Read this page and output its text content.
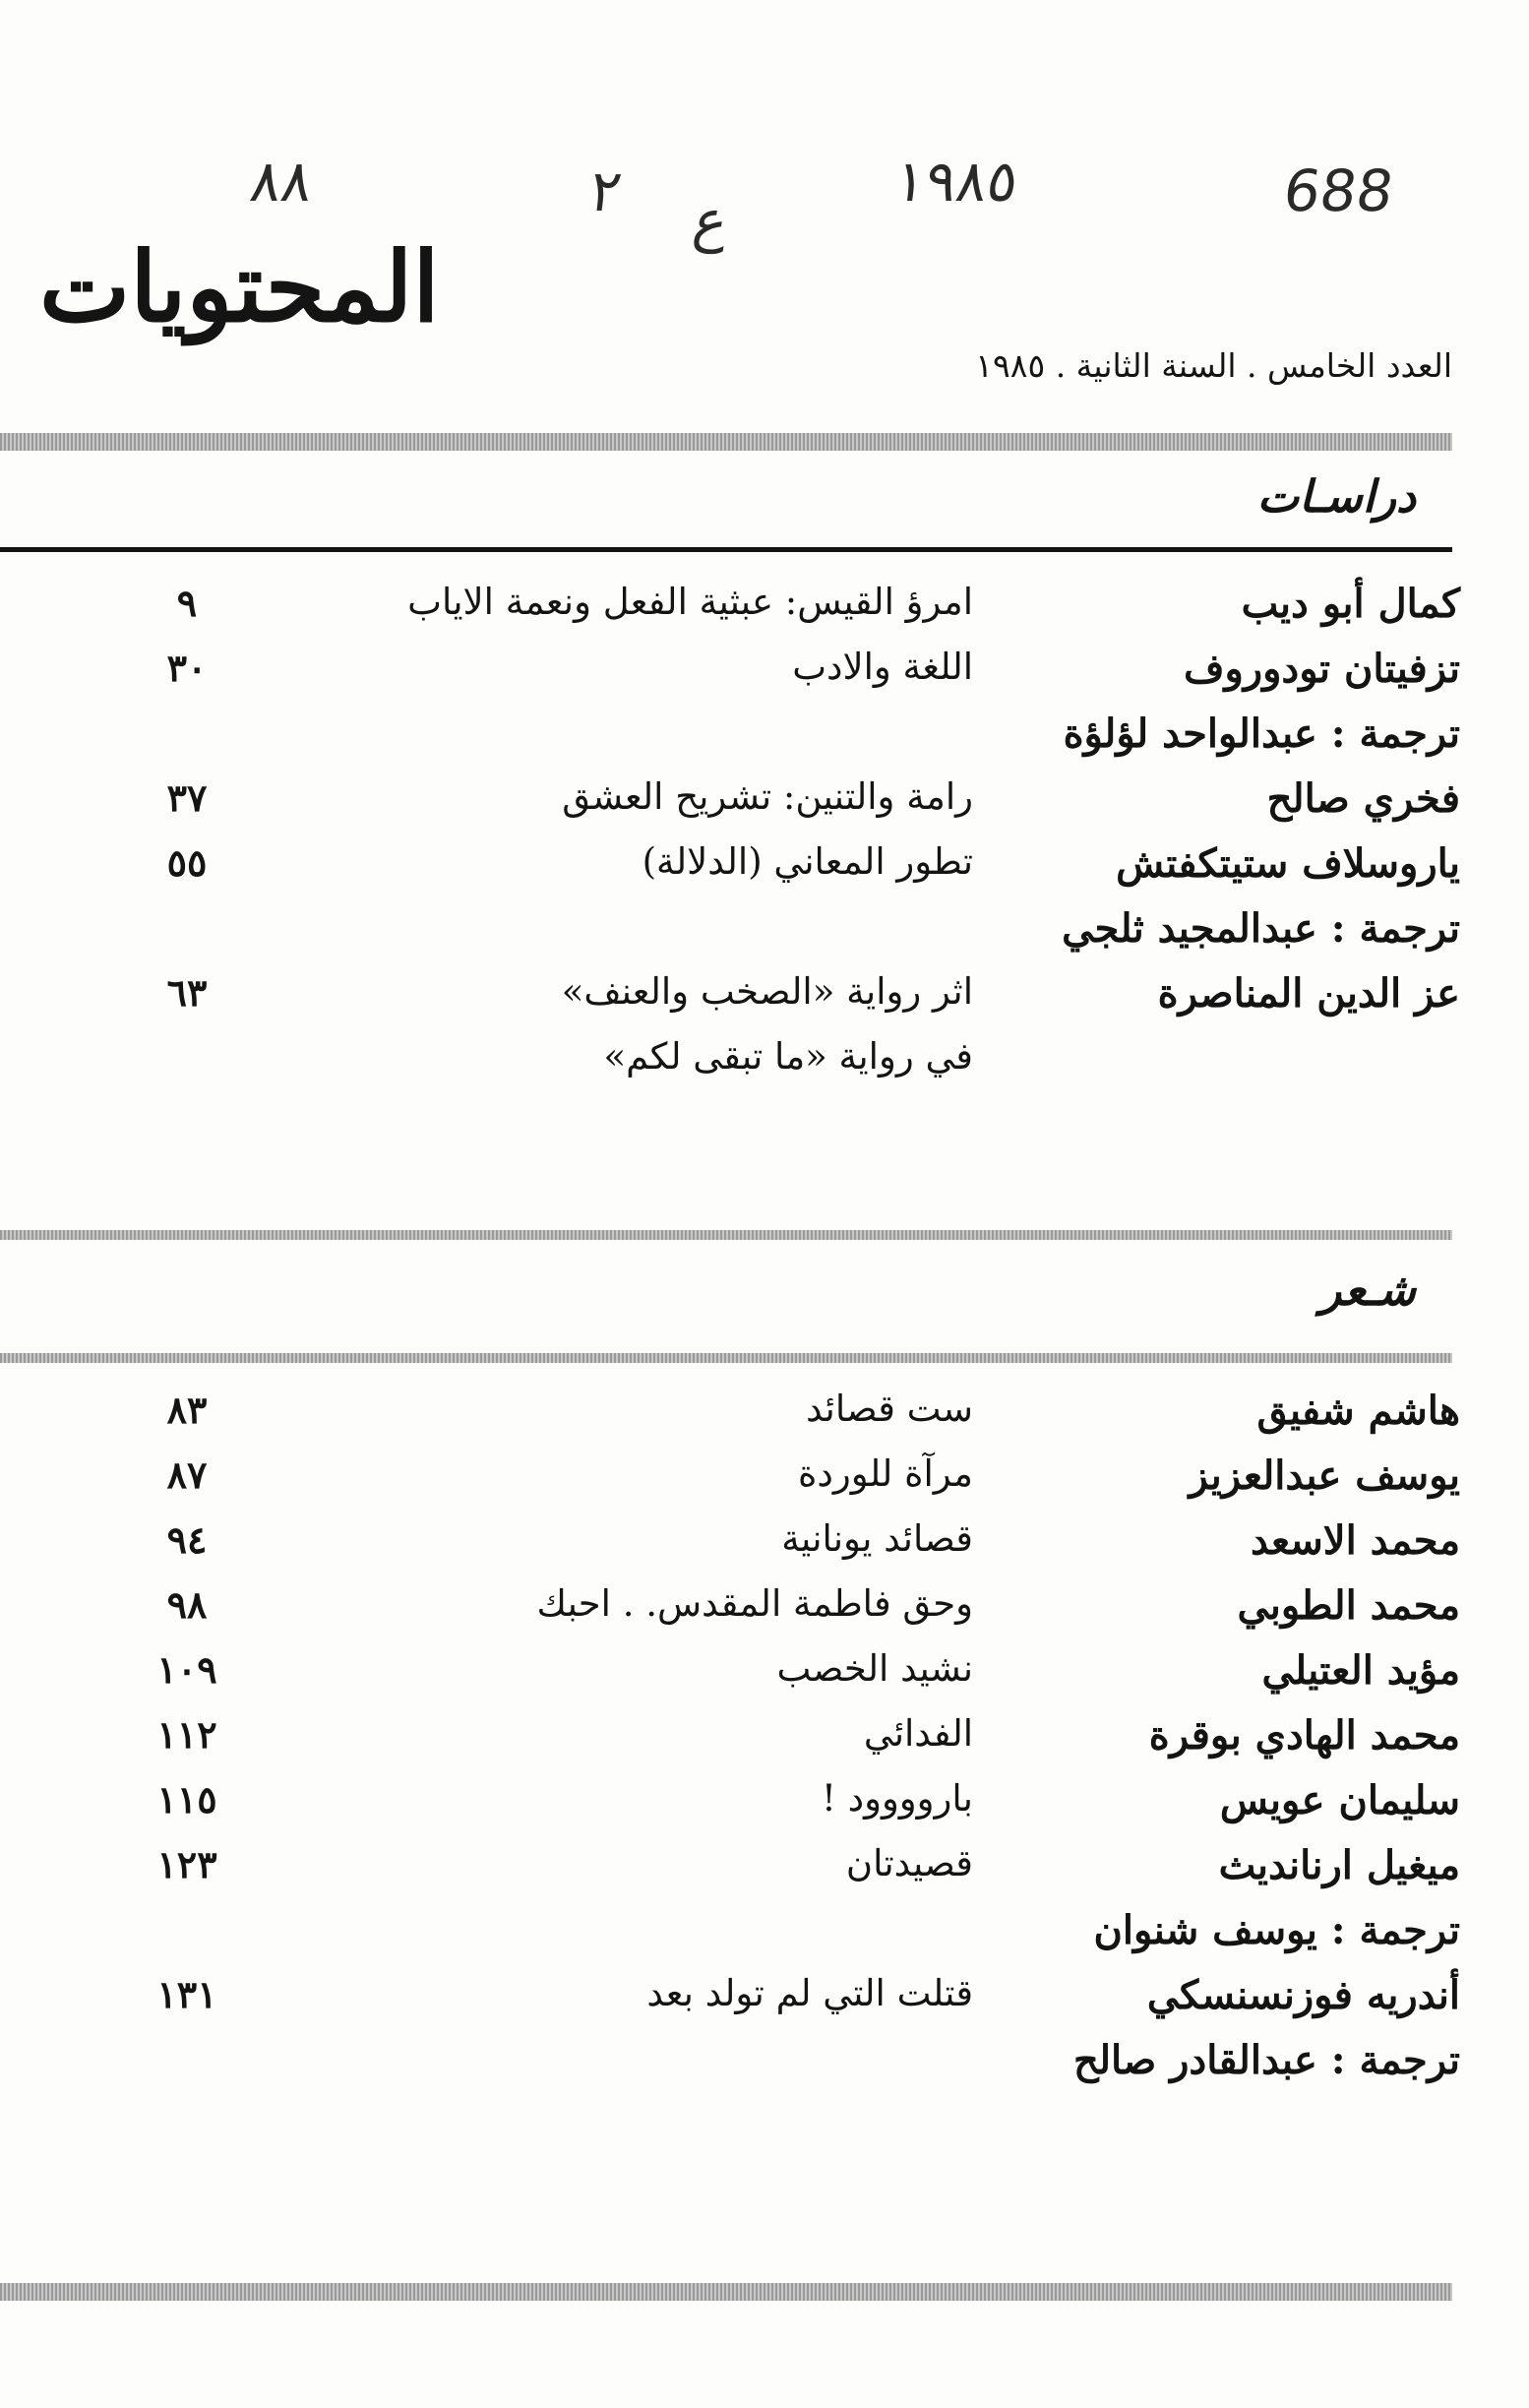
٨٨	٢ ع
١٩٨٥	688
المحتويات
العدد الخامس . السنة الثانية . ١٩٨٥
دراسـات
كمال أبو ديب
امرؤ القيس: عبثية الفعل ونعمة الاياب
٩
تزفيتان تودوروف
اللغة والادب
٣٠
ترجمة : عبدالواحد لؤلؤة
فخري صالح
رامة والتنين: تشريح العشق
٣٧
ياروسلاف ستيتكفتش
تطور المعاني (الدلالة)
٥٥
ترجمة : عبدالمجيد ثلجي
عز الدين المناصرة
اثر رواية «الصخب والعنف»
في رواية «ما تبقى لكم»
٦٣
شـعر
هاشم شفيق
ست قصائد
٨٣
يوسف عبدالعزيز
مرآة للوردة
٨٧
محمد الاسعد
قصائد يونانية
٩٤
محمد الطوبي
وحق فاطمة المقدس. . احبك
٩٨
مؤيد العتيلي
نشيد الخصب
١٠٩
محمد الهادي بوقرة
الفدائي
١١٢
سليمان عويس
باروووود !
١١٥
ميغيل ارنانديث
قصيدتان
١٢٣
ترجمة : يوسف شنوان
أندريه فوزنسنسكي
قتلت التي لم تولد بعد
١٣١
ترجمة : عبدالقادر صالح
